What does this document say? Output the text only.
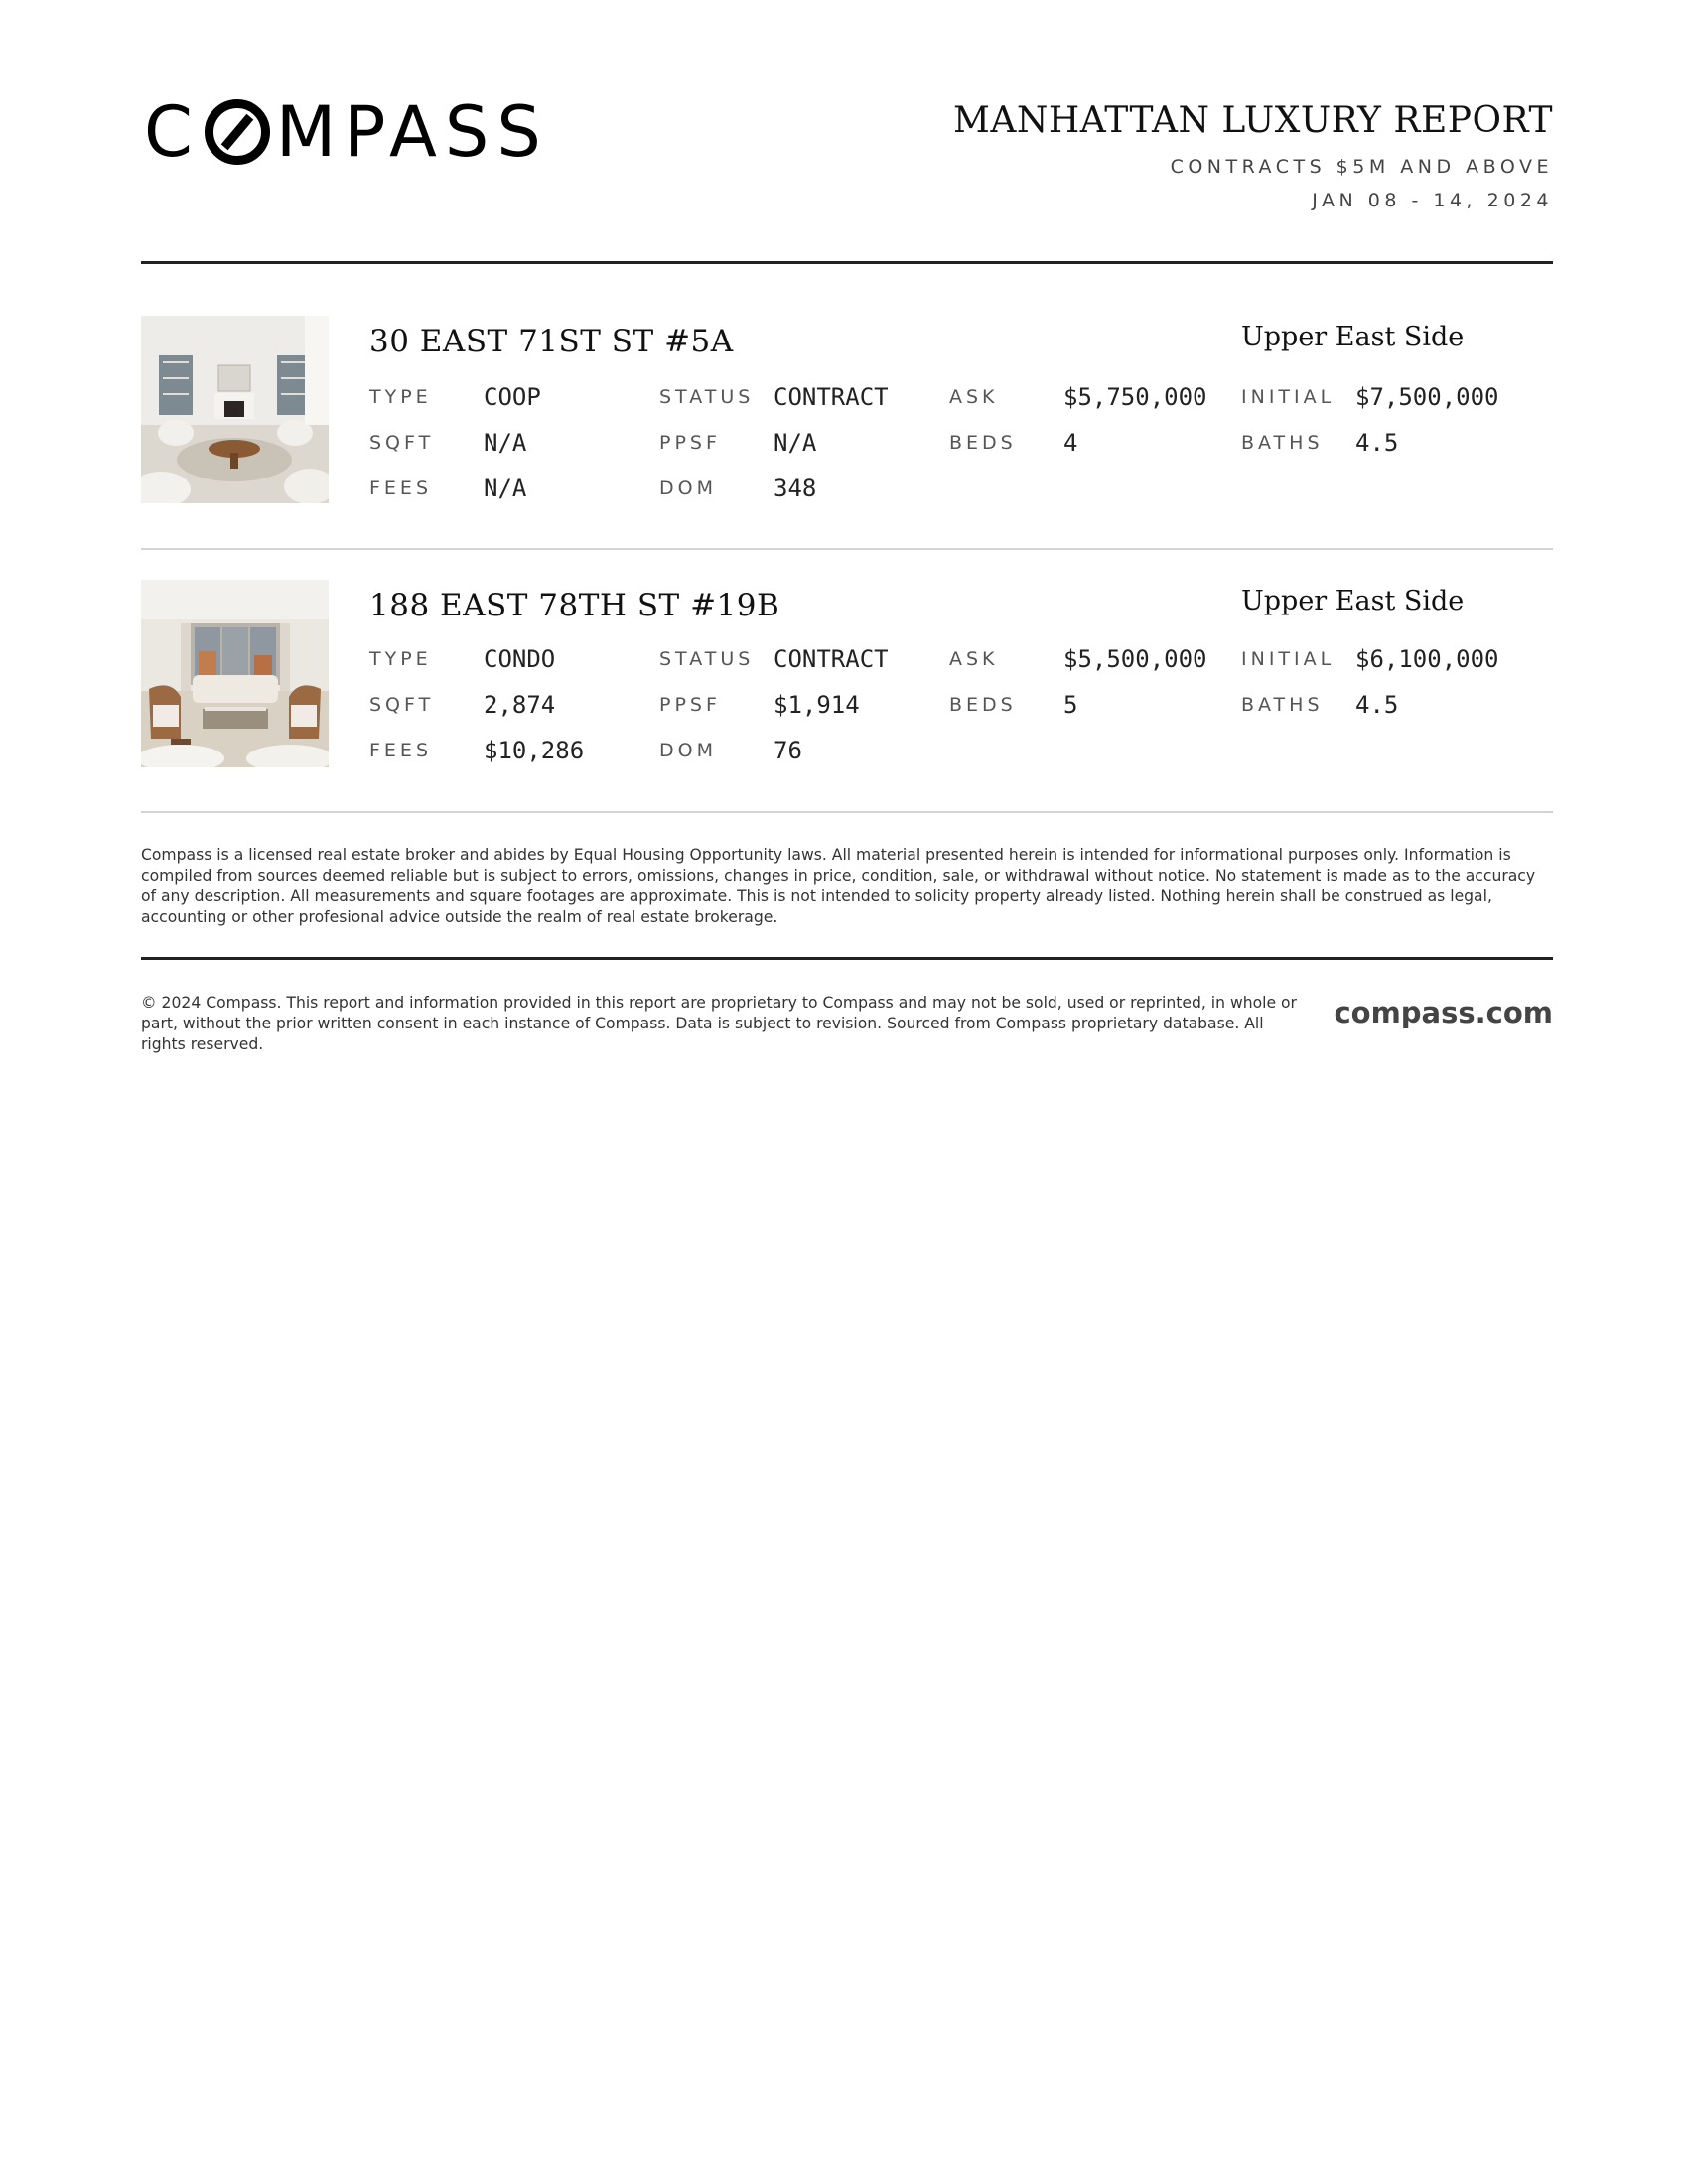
C MPASS	MANHATTAN LUXURY REPORT
CONTRACTS $5M AND ABOVE
JAN 08 - 14, 2024
30 EAST 71ST ST #5A	Upper East Side
TYPE	COOP	STATUS CONTRACT	ASK	$5,750,000 INITIAL $7,500,000
SQFT	N/A	PPSF	N/A	BEDS	4	BATHS	4.5
FEES	N/A	DOM	348
188 EAST 78TH ST #19B	Upper East Side
TYPE	CONDO	STATUS CONTRACT	ASK	$5,500,000 INITIAL $6,100,000
SQFT	2,874	PPSF	$1,914	BEDS	5	BATHS	4.5
FEES	$10,286	DOM	76
Compass is a licensed real estate broker and abides by Equal Housing Opportunity laws. All material presented herein is intended for informational purposes only. Information is compiled from sources deemed reliable but is subject to errors, omissions, changes in price, condition, sale, or withdrawal without notice. No statement is made as to the accuracy of any description. All measurements and square footages are approximate. This is not intended to solicity property already listed. Nothing herein shall be construed as legal, accounting or other profesional advice outside the realm of real estate brokerage.
© 2024 Compass. This report and information provided in this report are proprietary to Compass and may not be sold, used or reprinted, in whole or part, without the prior written consent in each instance of Compass. Data is subject to revision. Sourced from Compass proprietary database. All rights reserved.
compass.com
